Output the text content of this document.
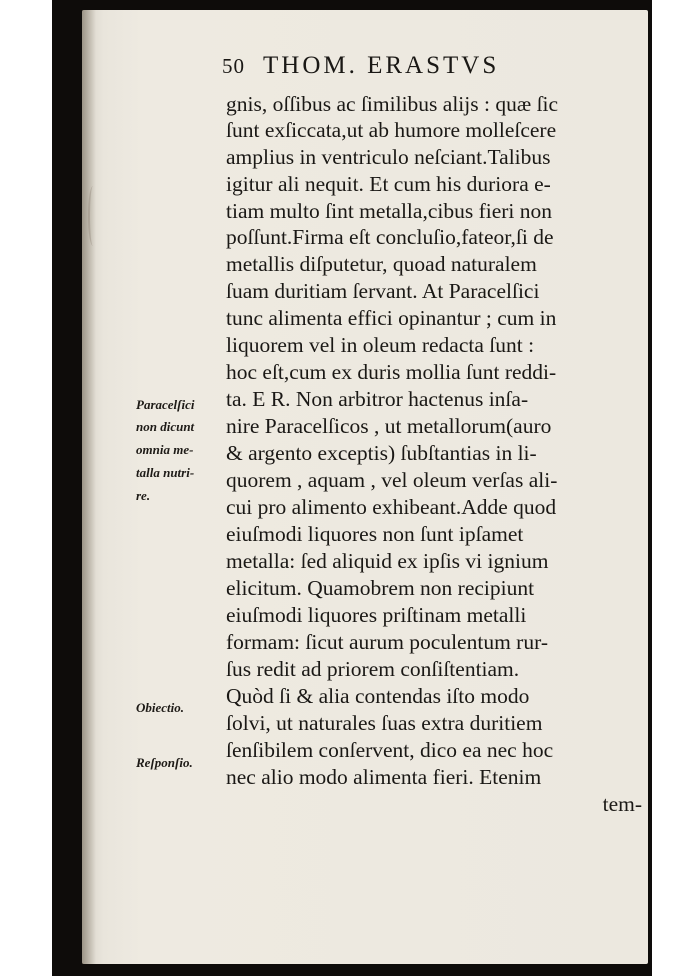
50 THOM. ERASTVS
gnis, oſſibus ac ſimilibus alijs : quæ ſic
ſunt exſiccata,ut ab humore molleſcere
amplius in ventriculo neſciant.Talibus
igitur ali nequit. Et cum his duriora e-
tiam multo ſint metalla,cibus fieri non
poſſunt.Firma eſt concluſio,fateor,ſi de
metallis diſputetur, quoad naturalem
ſuam duritiam ſervant. At Paracelſici
tunc alimenta effici opinantur ; cum in
liquorem vel in oleum redacta ſunt :
hoc eſt,cum ex duris mollia ſunt reddi-
ta. E R. Non arbitror hactenus inſa-
nire Paracelſicos , ut metallorum(auro
& argento exceptis) ſubſtantias in li-
quorem , aquam , vel oleum verſas ali-
cui pro alimento exhibeant.Adde quod
eiuſmodi liquores non ſunt ipſamet
metalla: ſed aliquid ex ipſis vi ignium
elicitum. Quamobrem non recipiunt
eiuſmodi liquores priſtinam metalli
formam: ſicut aurum poculentum rur-
ſus redit ad priorem conſiſtentiam.
Quòd ſi & alia contendas iſto modo
ſolvi, ut naturales ſuas extra duritiem
ſenſibilem conſervent, dico ea nec hoc
nec alio modo alimenta fieri. Etenim
tem-
Paracelſici
non dicunt
omnia me-
talla nutri-
re.
Obiectio.
Reſponſio.
